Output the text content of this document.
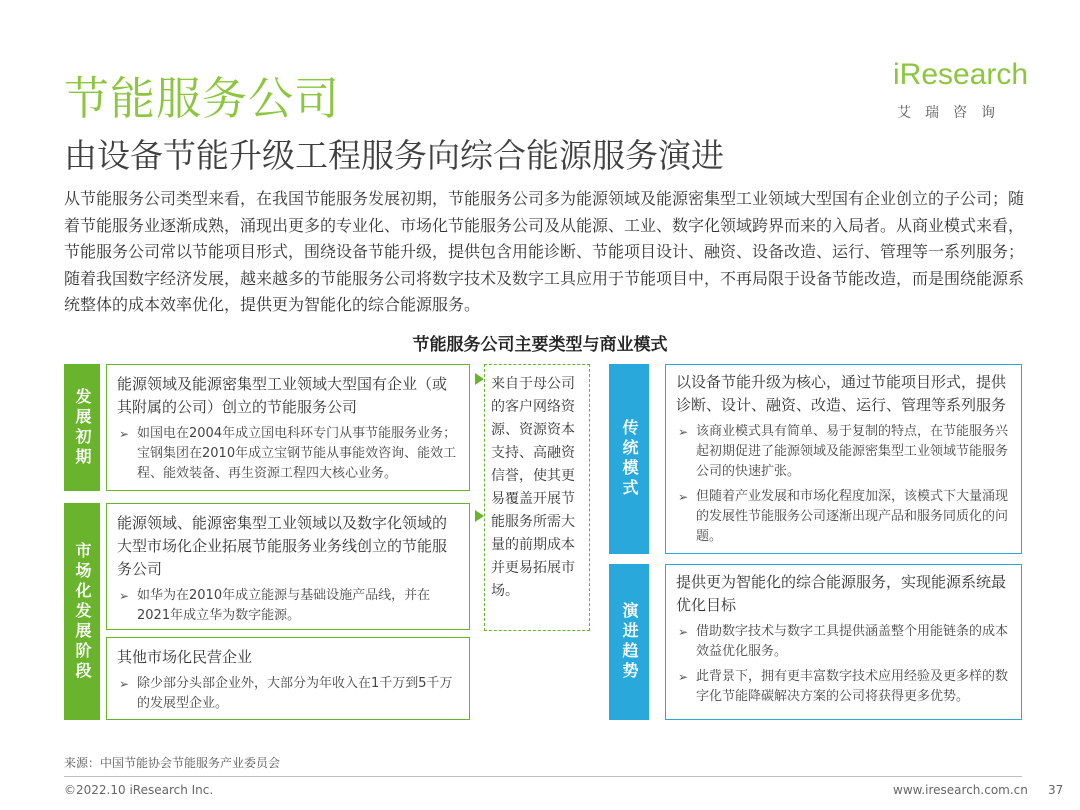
节能服务公司
由设备节能升级工程服务向综合能源服务演进
iResearch
艾瑞咨询
从节能服务公司类型来看，在我国节能服务发展初期，节能服务公司多为能源领域及能源密集型工业领域大型国有企业创立的子公司；随着节能服务业逐渐成熟，涌现出更多的专业化、市场化节能服务公司及从能源、工业、数字化领域跨界而来的入局者。从商业模式来看，节能服务公司常以节能项目形式，围绕设备节能升级，提供包含用能诊断、节能项目设计、融资、设备改造、运行、管理等一系列服务；随着我国数字经济发展，越来越多的节能服务公司将数字技术及数字工具应用于节能项目中，不再局限于设备节能改造，而是围绕能源系统整体的成本效率优化，提供更为智能化的综合能源服务。
节能服务公司主要类型与商业模式
发展初期
市场化发展阶段
能源领域及能源密集型工业领域大型国有企业（或其附属的公司）创立的节能服务公司
➢ 如国电在2004年成立国电科环专门从事节能服务业务；宝钢集团在2010年成立宝钢节能从事能效咨询、能效工程、能效装备、再生资源工程四大核心业务。
能源领域、能源密集型工业领域以及数字化领域的大型市场化企业拓展节能服务业务线创立的节能服务公司
➢ 如华为在2010年成立能源与基础设施产品线，并在2021年成立华为数字能源。
其他市场化民营企业
➢ 除少部分头部企业外，大部分为年收入在1千万到5千万的发展型企业。
来自于母公司的客户网络资源、资源资本支持、高融资信誉，使其更易覆盖开展节能服务所需大量的前期成本并更易拓展市场。
传统模式
演进趋势
以设备节能升级为核心，通过节能项目形式，提供诊断、设计、融资、改造、运行、管理等系列服务
➢ 该商业模式具有简单、易于复制的特点，在节能服务兴起初期促进了能源领域及能源密集型工业领域节能服务公司的快速扩张。
➢ 但随着产业发展和市场化程度加深，该模式下大量涌现的发展性节能服务公司逐渐出现产品和服务同质化的问题。
提供更为智能化的综合能源服务，实现能源系统最优化目标
➢ 借助数字技术与数字工具提供涵盖整个用能链条的成本效益优化服务。
➢ 此背景下，拥有更丰富数字技术应用经验及更多样的数字化节能降碳解决方案的公司将获得更多优势。
来源：中国节能协会节能服务产业委员会
©2022.10 iResearch Inc.	www.iresearch.com.cn 37
